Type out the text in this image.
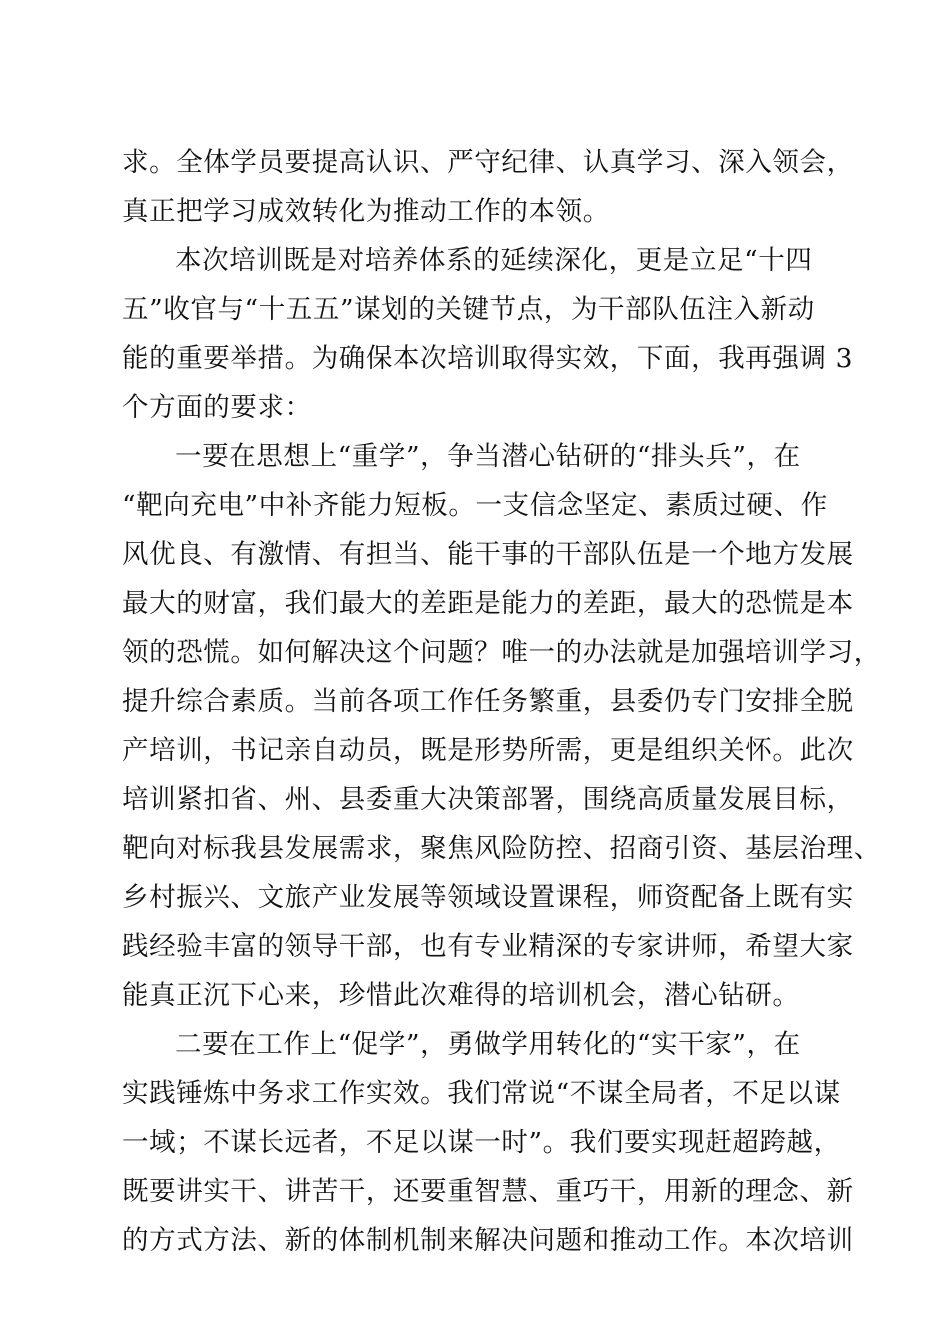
求。全体学员要提高认识、严守纪律、认真学习、深入领会，
真正把学习成效转化为推动工作的本领。
本次培训既是对培养体系的延续深化，更是立足“十四
五”收官与“十五五”谋划的关键节点，为干部队伍注入新动
能的重要举措。为确保本次培训取得实效，下面，我再强调 3
个方面的要求：
一要在思想上“重学”，争当潜心钻研的“排头兵”，在
“靶向充电”中补齐能力短板。一支信念坚定、素质过硬、作
风优良、有激情、有担当、能干事的干部队伍是一个地方发展
最大的财富，我们最大的差距是能力的差距，最大的恐慌是本
领的恐慌。如何解决这个问题？唯一的办法就是加强培训学习，
提升综合素质。当前各项工作任务繁重，县委仍专门安排全脱
产培训，书记亲自动员，既是形势所需，更是组织关怀。此次
培训紧扣省、州、县委重大决策部署，围绕高质量发展目标，
靶向对标我县发展需求，聚焦风险防控、招商引资、基层治理、
乡村振兴、文旅产业发展等领域设置课程，师资配备上既有实
践经验丰富的领导干部，也有专业精深的专家讲师，希望大家
能真正沉下心来，珍惜此次难得的培训机会，潜心钻研。
二要在工作上“促学”，勇做学用转化的“实干家”，在
实践锤炼中务求工作实效。我们常说“不谋全局者，不足以谋
一域；不谋长远者，不足以谋一时”。我们要实现赶超跨越，
既要讲实干、讲苦干，还要重智慧、重巧干，用新的理念、新
的方式方法、新的体制机制来解决问题和推动工作。本次培训
